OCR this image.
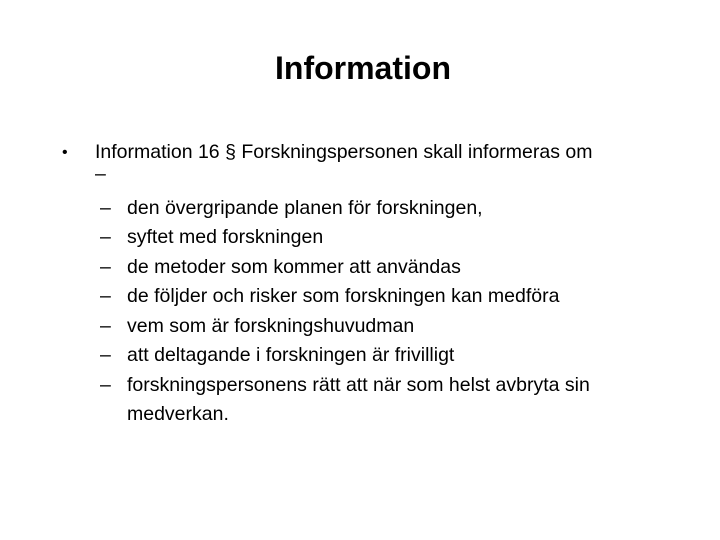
Information
• Information 16 § Forskningspersonen skall informeras om
–
– den övergripande planen för forskningen,
– syftet med forskningen
– de metoder som kommer att användas
– de följder och risker som forskningen kan medföra
– vem som är forskningshuvudman
– att deltagande i forskningen är frivilligt
– forskningspersonens rätt att när som helst avbryta sin medverkan.
